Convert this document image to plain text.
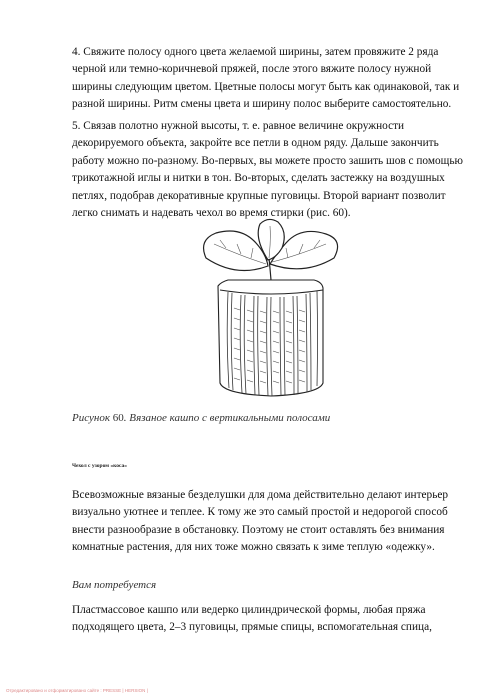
4. Свяжите полосу одного цвета желаемой ширины, затем провяжите 2 ряда черной или темно-коричневой пряжей, после этого вяжите полосу нужной ширины следующим цветом. Цветные полосы могут быть как одинаковой, так и разной ширины. Ритм смены цвета и ширину полос выберите самостоятельно.

5. Связав полотно нужной высоты, т. е. равное величине окружности декорируемого объекта, закройте все петли в одном ряду. Дальше закончить работу можно по-разному. Во-первых, вы можете просто зашить шов с помощью трикотажной иглы и нитки в тон. Во-вторых, сделать застежку на воздушных петлях, подобрав декоративные крупные пуговицы. Второй вариант позволит легко снимать и надевать чехол во время стирки (рис. 60).

Рисунок 60. Вязаное кашпо с вертикальными полосами
Чехол с узором «коса»

Всевозможные вязаные безделушки для дома действительно делают интерьер визуально уютнее и теплее. К тому же это самый простой и недорогой способ внести разнообразие в обстановку. Поэтому не стоит оставлять без внимания комнатные растения, для них тоже можно связать к зиме теплую «одежку».

Вам потребуется

Пластмассовое кашпо или ведерко цилиндрической формы, любая пряжа подходящего цвета, 2–3 пуговицы, прямые спицы, вспомогательная спица,

Отредактировано и отформатировано сайте : PRESSE | HERSION |
